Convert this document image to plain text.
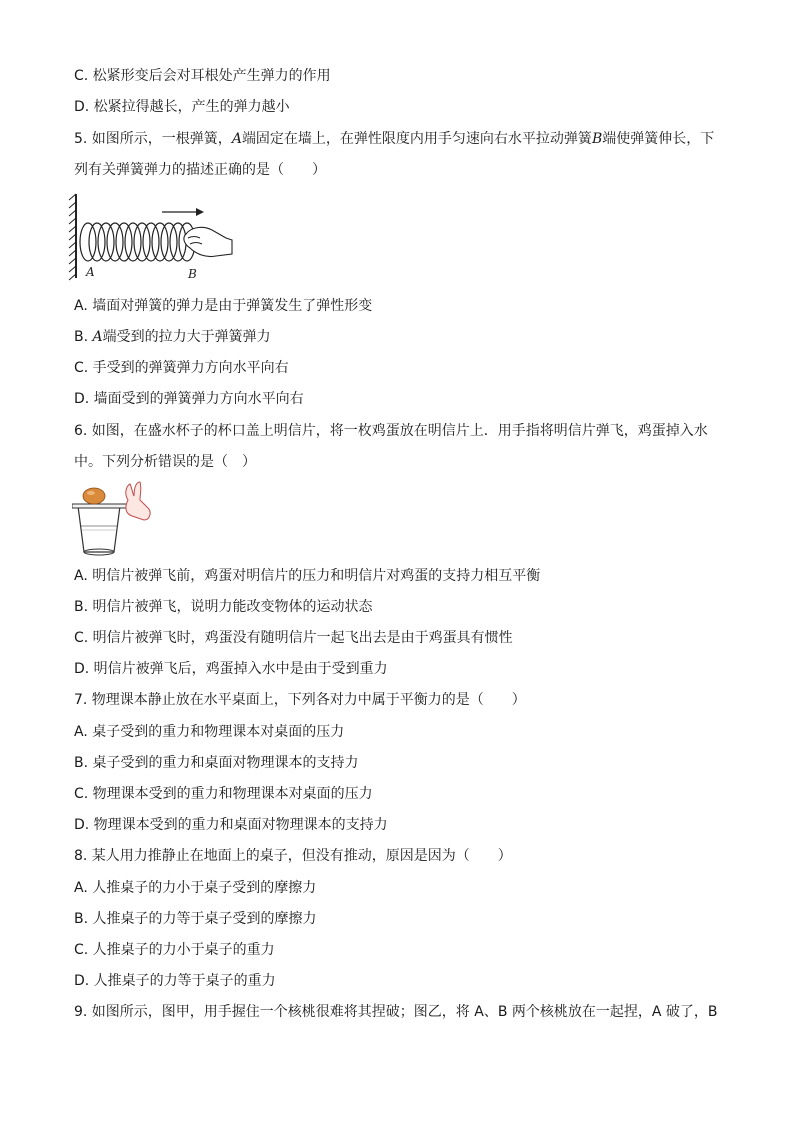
C. 松紧形变后会对耳根处产生弹力的作用
D. 松紧拉得越长，产生的弹力越小
5. 如图所示，一根弹簧，A端固定在墙上，在弹性限度内用手匀速向右水平拉动弹簧B端使弹簧伸长，下
列有关弹簧弹力的描述正确的是（　　）
A	B
A. 墙面对弹簧的弹力是由于弹簧发生了弹性形变
B. A端受到的拉力大于弹簧弹力
C. 手受到的弹簧弹力方向水平向右
D. 墙面受到的弹簧弹力方向水平向右
6. 如图，在盛水杯子的杯口盖上明信片，将一枚鸡蛋放在明信片上．用手指将明信片弹飞，鸡蛋掉入水
中。下列分析错误的是（　）
A. 明信片被弹飞前，鸡蛋对明信片的压力和明信片对鸡蛋的支持力相互平衡
B. 明信片被弹飞，说明力能改变物体的运动状态
C. 明信片被弹飞时，鸡蛋没有随明信片一起飞出去是由于鸡蛋具有惯性
D. 明信片被弹飞后，鸡蛋掉入水中是由于受到重力
7. 物理课本静止放在水平桌面上，下列各对力中属于平衡力的是（　　）
A. 桌子受到的重力和物理课本对桌面的压力
B. 桌子受到的重力和桌面对物理课本的支持力
C. 物理课本受到的重力和物理课本对桌面的压力
D. 物理课本受到的重力和桌面对物理课本的支持力
8. 某人用力推静止在地面上的桌子，但没有推动，原因是因为（　　）
A. 人推桌子的力小于桌子受到的摩擦力
B. 人推桌子的力等于桌子受到的摩擦力
C. 人推桌子的力小于桌子的重力
D. 人推桌子的力等于桌子的重力
9. 如图所示，图甲，用手握住一个核桃很难将其捏破；图乙，将 A、B 两个核桃放在一起捏，A 破了，B
